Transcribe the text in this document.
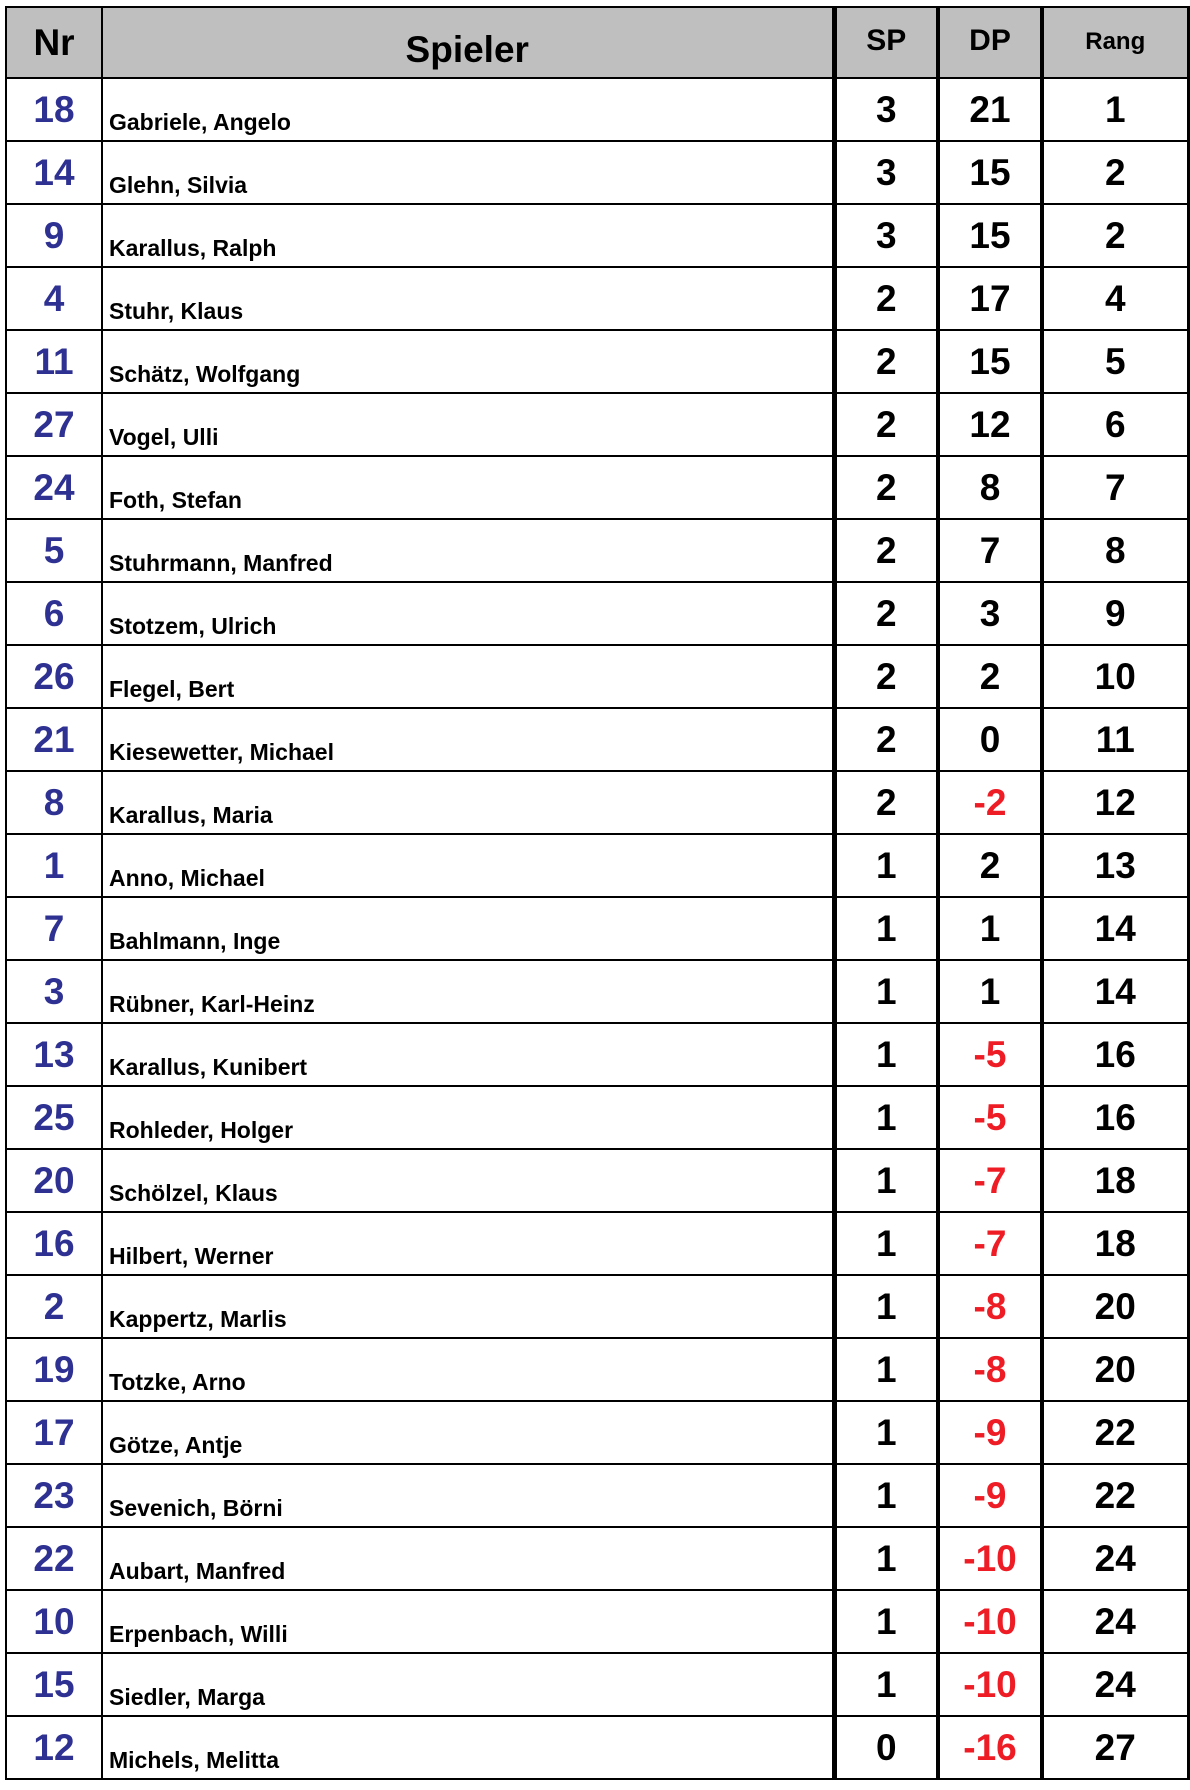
Nr	Spieler	SP	DP	Rang
18	Gabriele, Angelo	3	21	1
14	Glehn, Silvia	3	15	2
9	Karallus, Ralph	3	15	2
4	Stuhr, Klaus	2	17	4
11	Schätz, Wolfgang	2	15	5
27	Vogel, Ulli	2	12	6
24	Foth, Stefan	2	8	7
5	Stuhrmann, Manfred	2	7	8
6	Stotzem, Ulrich	2	3	9
26	Flegel, Bert	2	2	10
21	Kiesewetter, Michael	2	0	11
8	Karallus, Maria	2	-2	12
1	Anno, Michael	1	2	13
7	Bahlmann, Inge	1	1	14
3	Rübner, Karl-Heinz	1	1	14
13	Karallus, Kunibert	1	-5	16
25	Rohleder, Holger	1	-5	16
20	Schölzel, Klaus	1	-7	18
16	Hilbert, Werner	1	-7	18
2	Kappertz, Marlis	1	-8	20
19	Totzke, Arno	1	-8	20
17	Götze, Antje	1	-9	22
23	Sevenich, Börni	1	-9	22
22	Aubart, Manfred	1	-10	24
10	Erpenbach, Willi	1	-10	24
15	Siedler, Marga	1	-10	24
12	Michels, Melitta	0	-16	27
